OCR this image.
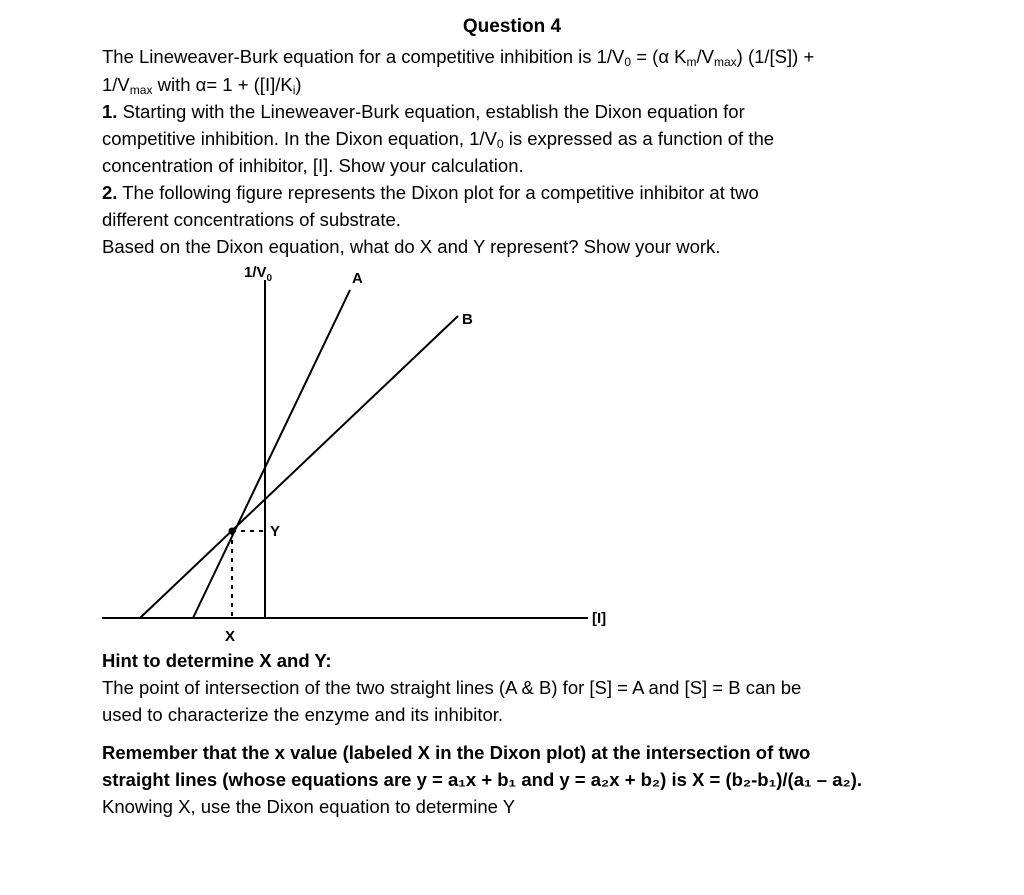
Question 4
The Lineweaver-Burk equation for a competitive inhibition is $1/V_0 = (\alpha$ $K_m/V_{max}$) (1/[S]) +
$1/V_{max}$ with $\alpha= 1 + ([I]/K_i)$
1. Starting with the Lineweaver-Burk equation, establish the Dixon equation for
competitive inhibition. In the Dixon equation, $1/V_0$ is expressed as a function of the
concentration of inhibitor, [I]. Show your calculation.
2. The following figure represents the Dixon plot for a competitive inhibitor at two
different concentrations of substrate.
Based on the Dixon equation, what do X and Y represent? Show your work.
$1/V_0$	A
B
[I]
X
Y
Hint to determine X and Y:
The point of intersection of the two straight lines (A & B) for [S] = A and [S] = B can be
used to characterize the enzyme and its inhibitor.
Remember that the x value (labeled X in the Dixon plot) at the intersection of two
straight lines (whose equations are y = a₁x + b₁ and y = a₂x + b₂) is X = (b₂-b₁)/(a₁ – a₂).
Knowing X, use the Dixon equation to determine Y
